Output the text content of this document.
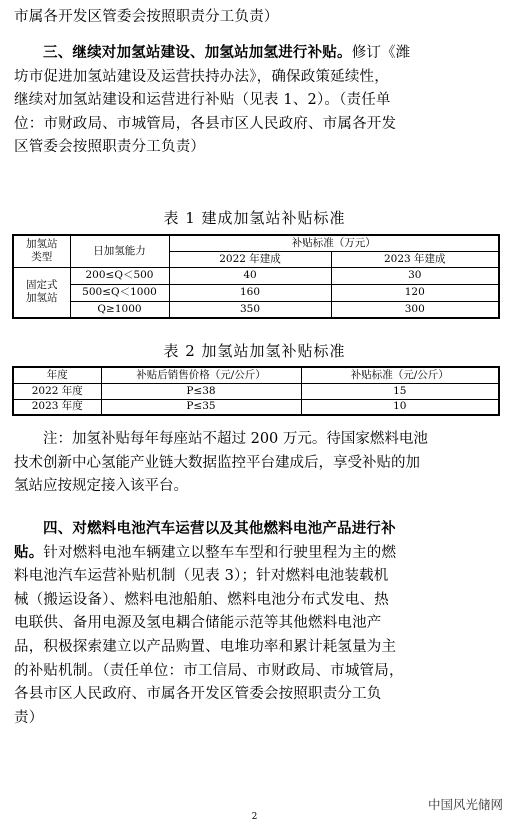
市属各开发区管委会按照职责分工负责）
三、继续对加氢站建设、加氢站加氢进行补贴。修订《潍
坊市促进加氢站建设及运营扶持办法》，确保政策延续性，
继续对加氢站建设和运营进行补贴（见表 1、2）。（责任单
位：市财政局、市城管局，各县市区人民政府、市属各开发
区管委会按照职责分工负责）
表 1 建成加氢站补贴标准
加氢站
类型	日加氢能力	补贴标准（万元）	
		2022 年建成	2023 年建成
固定式
加氢站	200≤Q＜500	40	30
	500≤Q＜1000	160	120
	Q≥1000	350	300
表 2 加氢站加氢补贴标准
年度	补贴后销售价格（元/公斤）	补贴标准（元/公斤）
2022 年度	P≤38	15
2023 年度	P≤35	10
注：加氢补贴每年每座站不超过 200 万元。待国家燃料电池
技术创新中心氢能产业链大数据监控平台建成后，享受补贴的加
氢站应按规定接入该平台。
四、对燃料电池汽车运营以及其他燃料电池产品进行补
贴。针对燃料电池车辆建立以整车车型和行驶里程为主的燃
料电池汽车运营补贴机制（见表 3）；针对燃料电池装载机
械（搬运设备）、燃料电池船舶、燃料电池分布式发电、热
电联供、备用电源及氢电耦合储能示范等其他燃料电池产
品，积极探索建立以产品购置、电堆功率和累计耗氢量为主
的补贴机制。（责任单位：市工信局、市财政局、市城管局，
各县市区人民政府、市属各开发区管委会按照职责分工负
责）
中国风光储网
2
